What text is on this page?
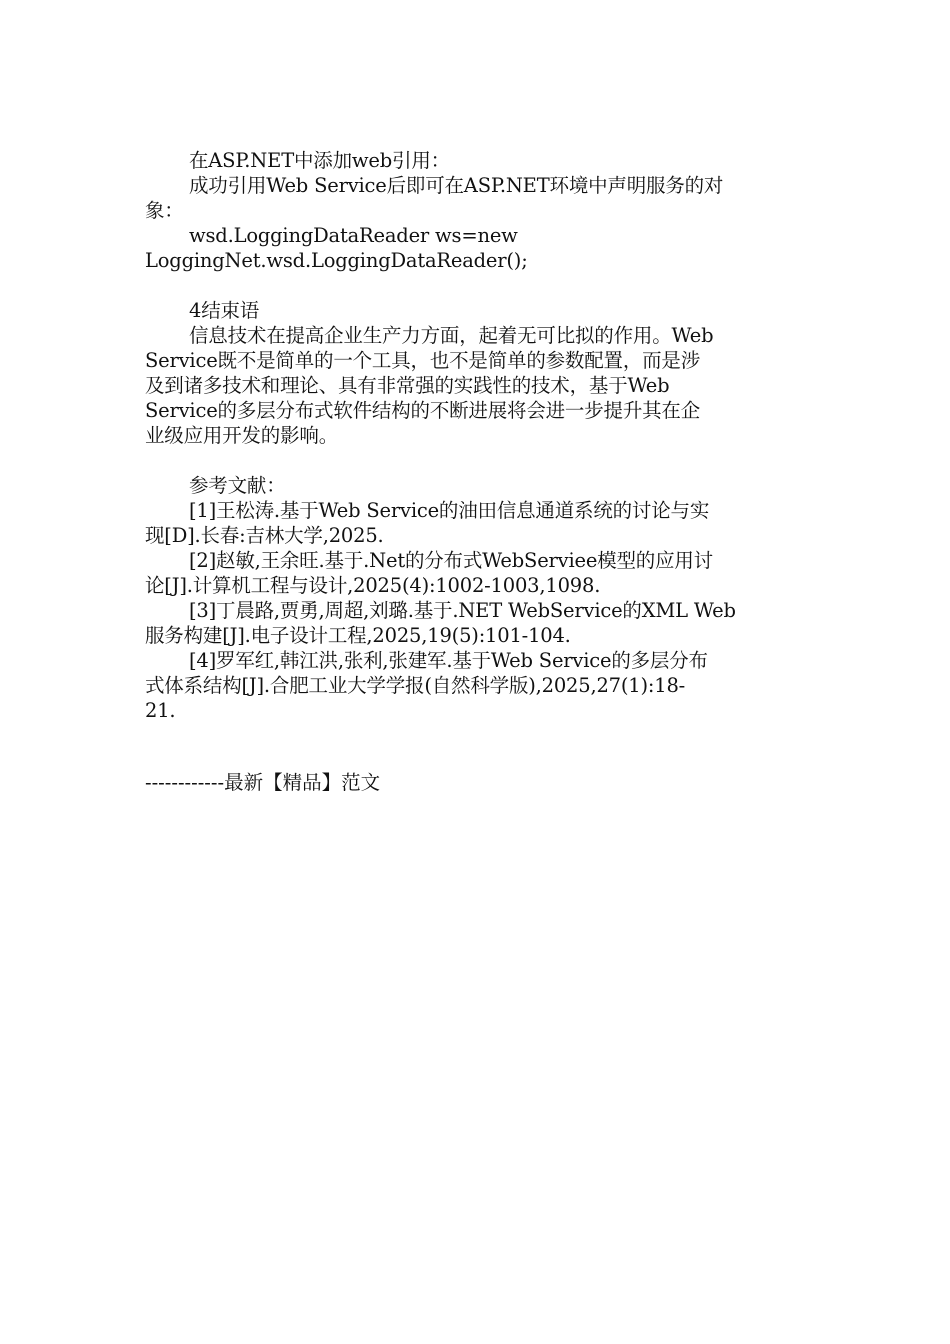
在ASP.NET中添加web引用：
成功引用Web Service后即可在ASP.NET环境中声明服务的对
象：
wsd.LoggingDataReader ws=new
LoggingNet.wsd.LoggingDataReader();
4结束语
信息技术在提高企业生产力方面，起着无可比拟的作用。Web
Service既不是简单的一个工具，也不是简单的参数配置，而是涉
及到诸多技术和理论、具有非常强的实践性的技术，基于Web
Service的多层分布式软件结构的不断进展将会进一步提升其在企
业级应用开发的影响。
参考文献：
[1]王松涛.基于Web Service的油田信息通道系统的讨论与实
现[D].长春:吉林大学,2025.
[2]赵敏,王余旺.基于.Net的分布式WebServiee模型的应用讨
论[J].计算机工程与设计,2025(4):1002-1003,1098.
[3]丁晨路,贾勇,周超,刘璐.基于.NET WebService的XML Web
服务构建[J].电子设计工程,2025,19(5):101-104.
[4]罗军红,韩江洪,张利,张建军.基于Web Service的多层分布
式体系结构[J].合肥工业大学学报(自然科学版),2025,27(1):18-
21.
------------最新【精品】范文
